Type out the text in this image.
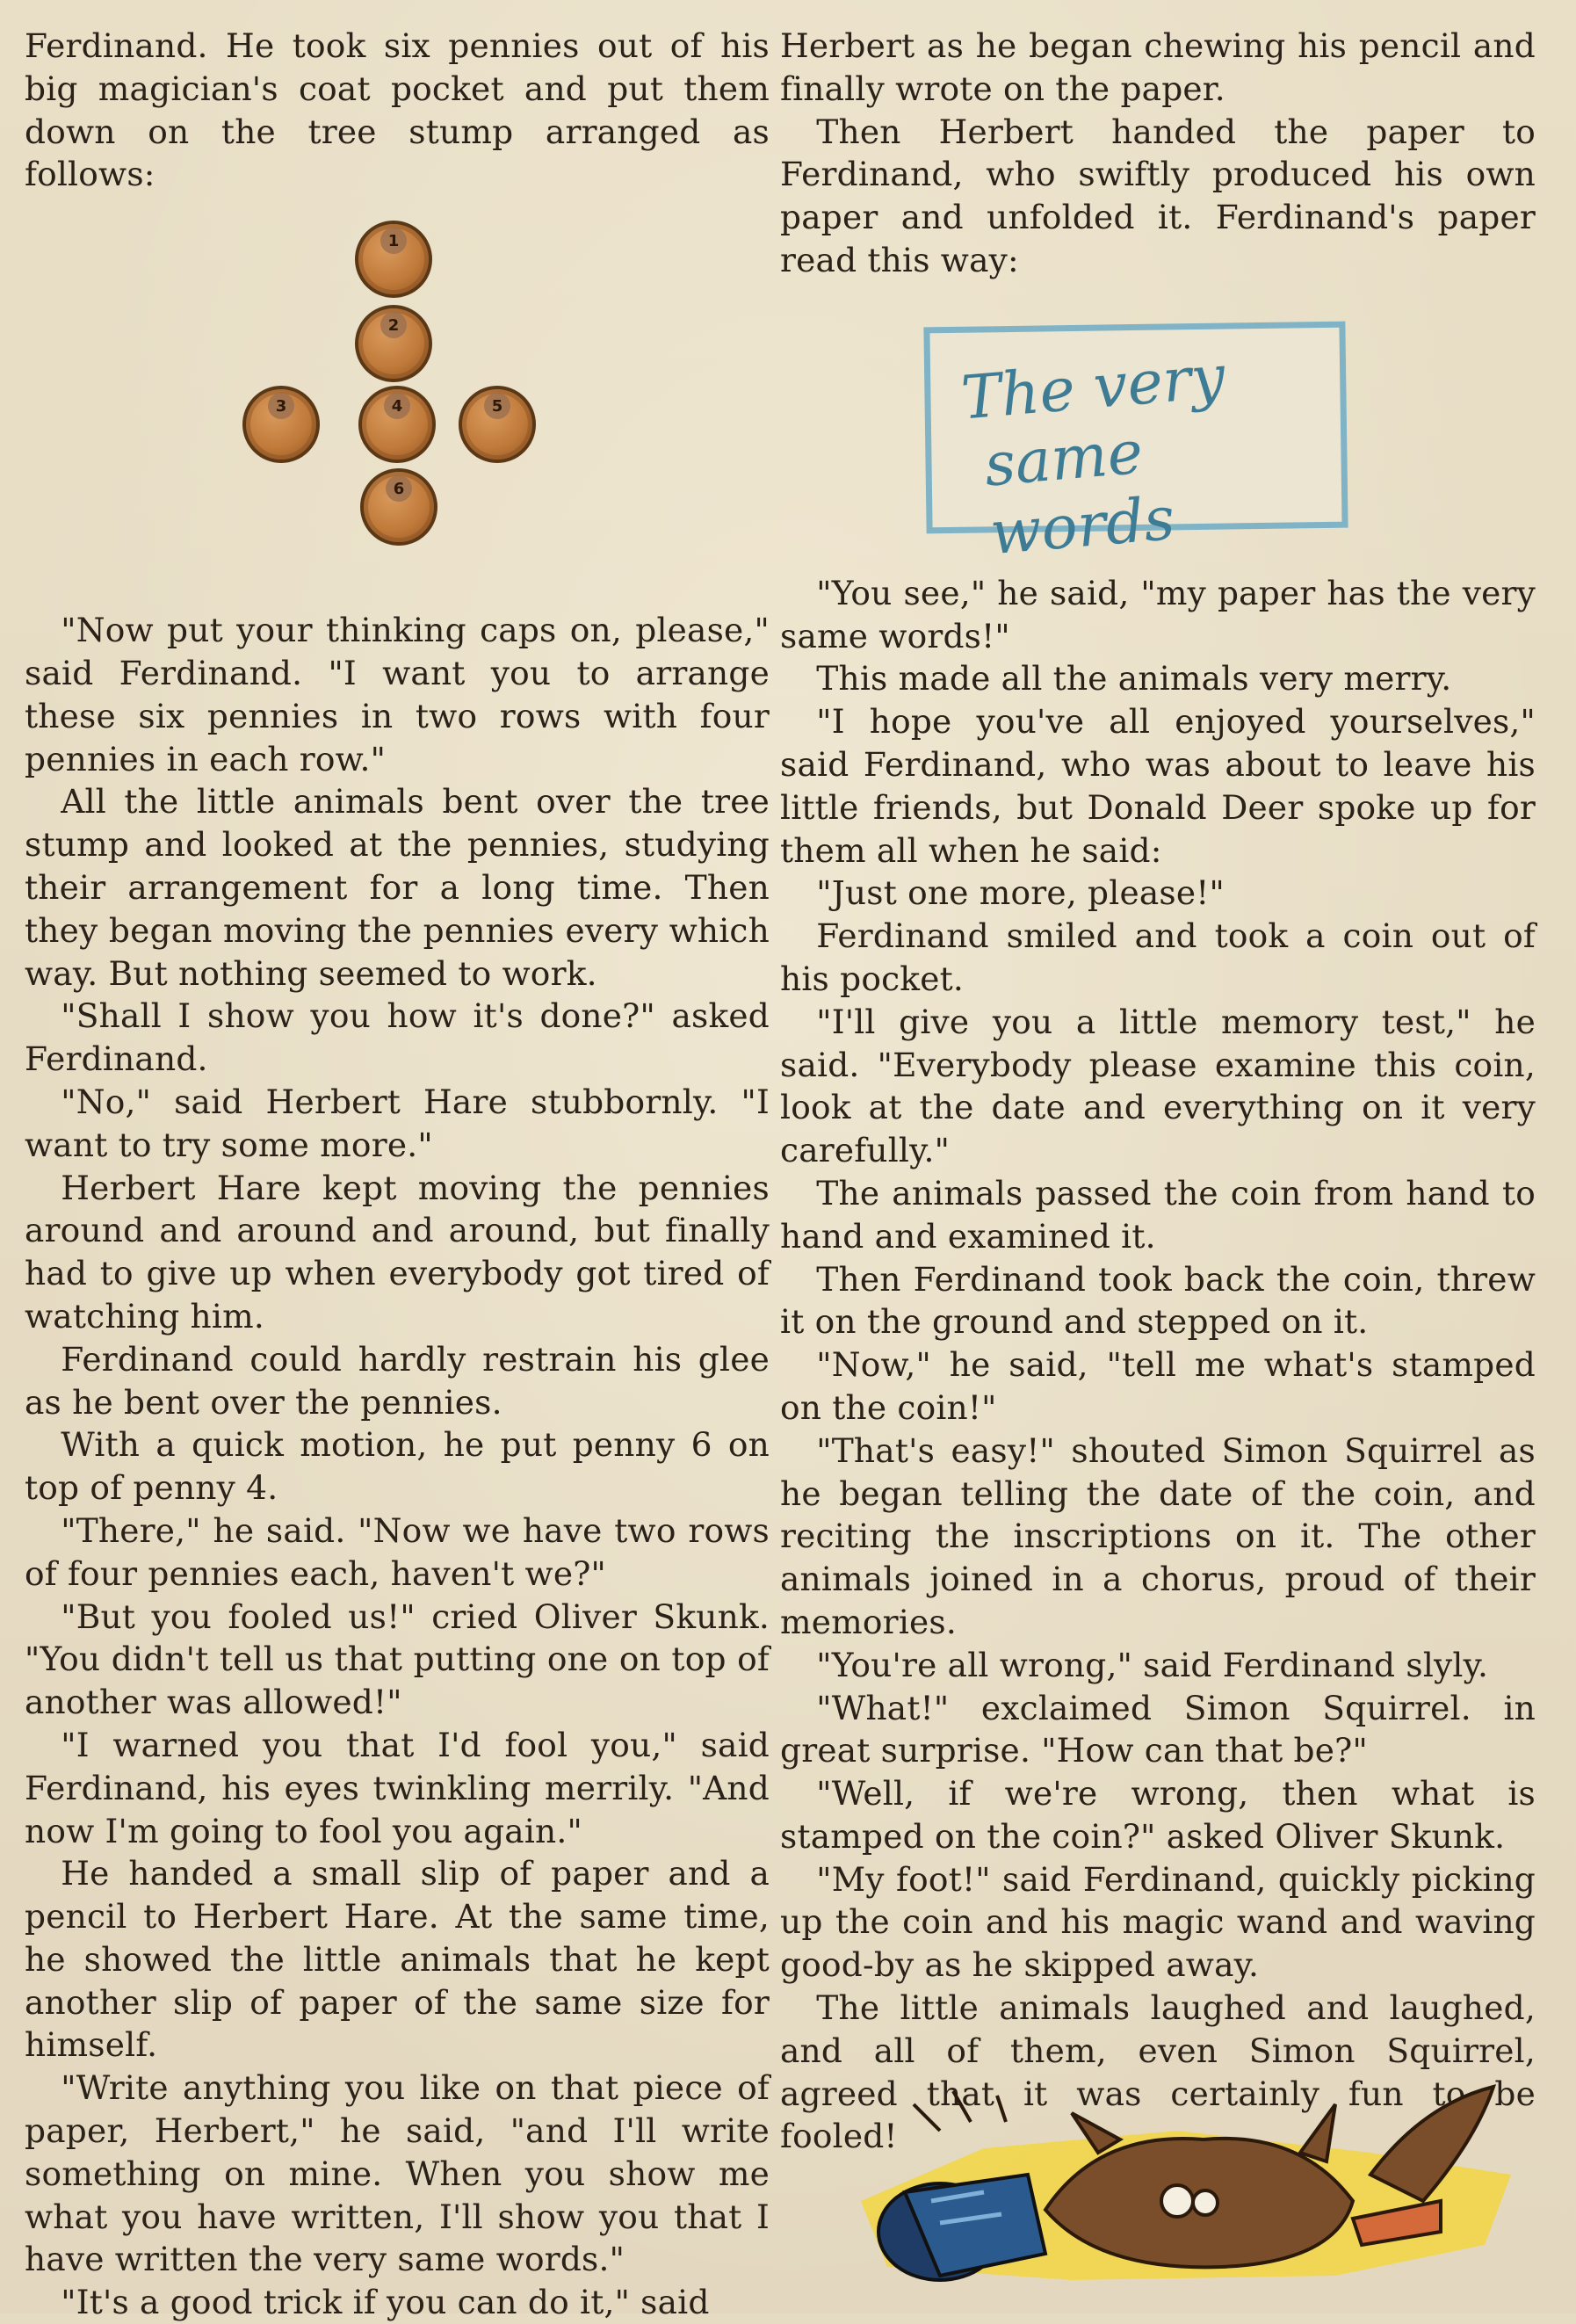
Ferdinand. He took six pennies out of his big magician's coat pocket and put them down on the tree stump arranged as follows:

1
2
3	4	5
6

"Now put your thinking caps on, please," said Ferdinand. "I want you to arrange these six pennies in two rows with four pennies in each row."

All the little animals bent over the tree stump and looked at the pennies, studying their arrangement for a long time. Then they began moving the pennies every which way. But nothing seemed to work.

"Shall I show you how it's done?" asked Ferdinand.

"No," said Herbert Hare stubbornly. "I want to try some more."

Herbert Hare kept moving the pennies around and around and around, but finally had to give up when everybody got tired of watching him.

Ferdinand could hardly restrain his glee as he bent over the pennies.

With a quick motion, he put penny 6 on top of penny 4.

"There," he said. "Now we have two rows of four pennies each, haven't we?"

"But you fooled us!" cried Oliver Skunk. "You didn't tell us that putting one on top of another was allowed!"

"I warned you that I'd fool you," said Ferdinand, his eyes twinkling merrily. "And now I'm going to fool you again."

He handed a small slip of paper and a pencil to Herbert Hare. At the same time, he showed the little animals that he kept another slip of paper of the same size for himself.

"Write anything you like on that piece of paper, Herbert," he said, "and I'll write something on mine. When you show me what you have written, I'll show you that I have written the very same words."

"It's a good trick if you can do it," said

Herbert as he began chewing his pencil and finally wrote on the paper.

Then Herbert handed the paper to Ferdinand, who swiftly produced his own paper and unfolded it. Ferdinand's paper read this way:

The very
same words

"You see," he said, "my paper has the very same words!"

This made all the animals very merry.

"I hope you've all enjoyed yourselves," said Ferdinand, who was about to leave his little friends, but Donald Deer spoke up for them all when he said:

"Just one more, please!"

Ferdinand smiled and took a coin out of his pocket.

"I'll give you a little memory test," he said. "Everybody please examine this coin, look at the date and everything on it very carefully."

The animals passed the coin from hand to hand and examined it.

Then Ferdinand took back the coin, threw it on the ground and stepped on it.

"Now," he said, "tell me what's stamped on the coin!"

"That's easy!" shouted Simon Squirrel as he began telling the date of the coin, and reciting the inscriptions on it. The other animals joined in a chorus, proud of their memories.

"You're all wrong," said Ferdinand slyly.

"What!" exclaimed Simon Squirrel. in great surprise. "How can that be?"

"Well, if we're wrong, then what is stamped on the coin?" asked Oliver Skunk.

"My foot!" said Ferdinand, quickly picking up the coin and his magic wand and waving good-by as he skipped away.

The little animals laughed and laughed, and all of them, even Simon Squirrel, agreed that it was certainly fun to be fooled!
